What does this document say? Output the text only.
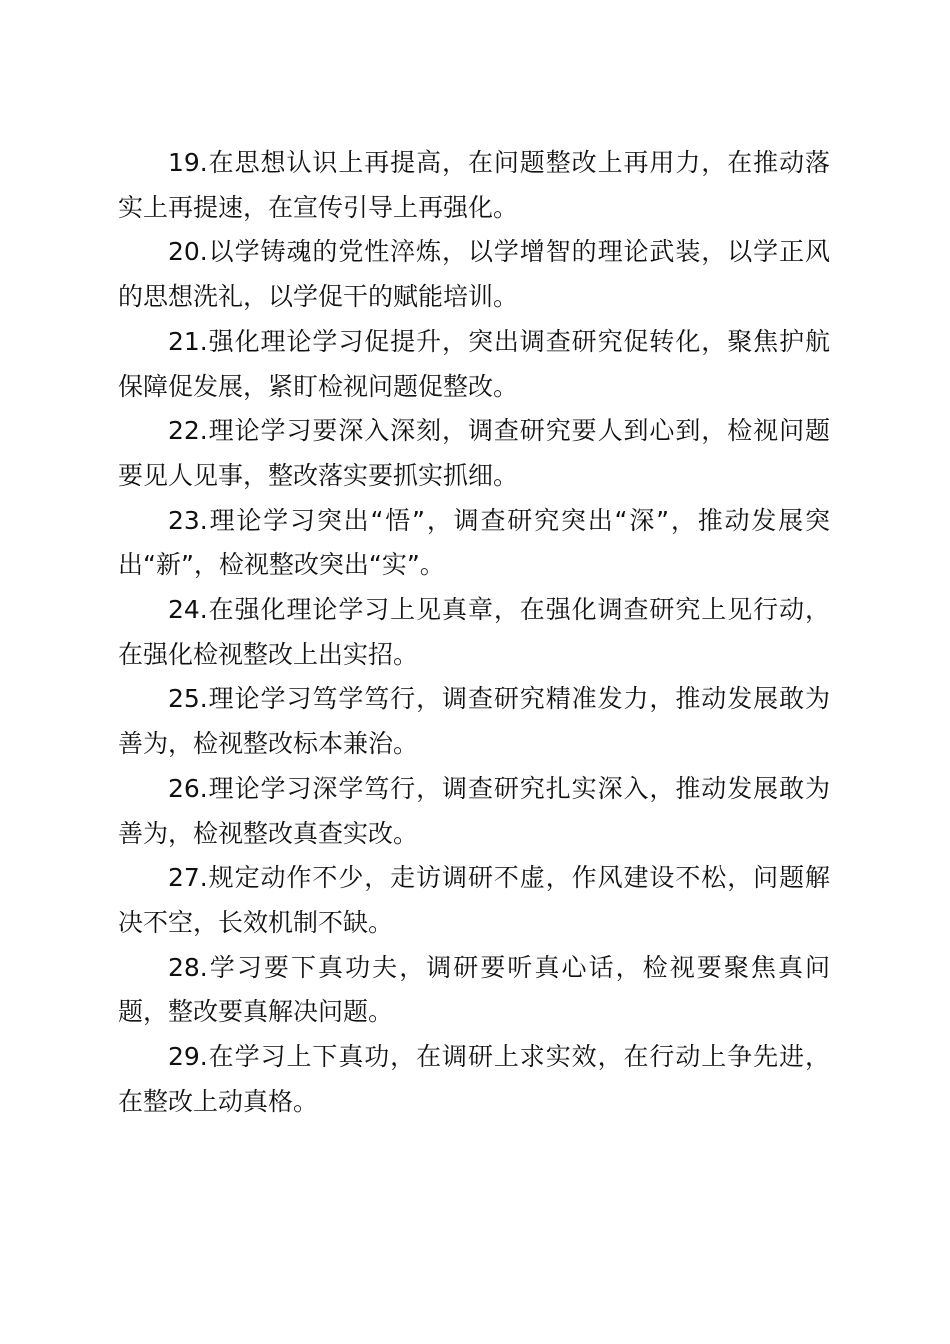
19.在思想认识上再提高，在问题整改上再用力，在推动落实上再提速，在宣传引导上再强化。

20.以学铸魂的党性淬炼，以学增智的理论武装，以学正风的思想洗礼，以学促干的赋能培训。

21.强化理论学习促提升，突出调查研究促转化，聚焦护航保障促发展，紧盯检视问题促整改。

22.理论学习要深入深刻，调查研究要人到心到，检视问题要见人见事，整改落实要抓实抓细。

23.理论学习突出“悟”，调查研究突出“深”，推动发展突出“新”，检视整改突出“实”。

24.在强化理论学习上见真章，在强化调查研究上见行动，在强化检视整改上出实招。

25.理论学习笃学笃行，调查研究精准发力，推动发展敢为善为，检视整改标本兼治。

26.理论学习深学笃行，调查研究扎实深入，推动发展敢为善为，检视整改真查实改。

27.规定动作不少，走访调研不虚，作风建设不松，问题解决不空，长效机制不缺。

28.学习要下真功夫，调研要听真心话，检视要聚焦真问题，整改要真解决问题。

29.在学习上下真功，在调研上求实效，在行动上争先进，在整改上动真格。
